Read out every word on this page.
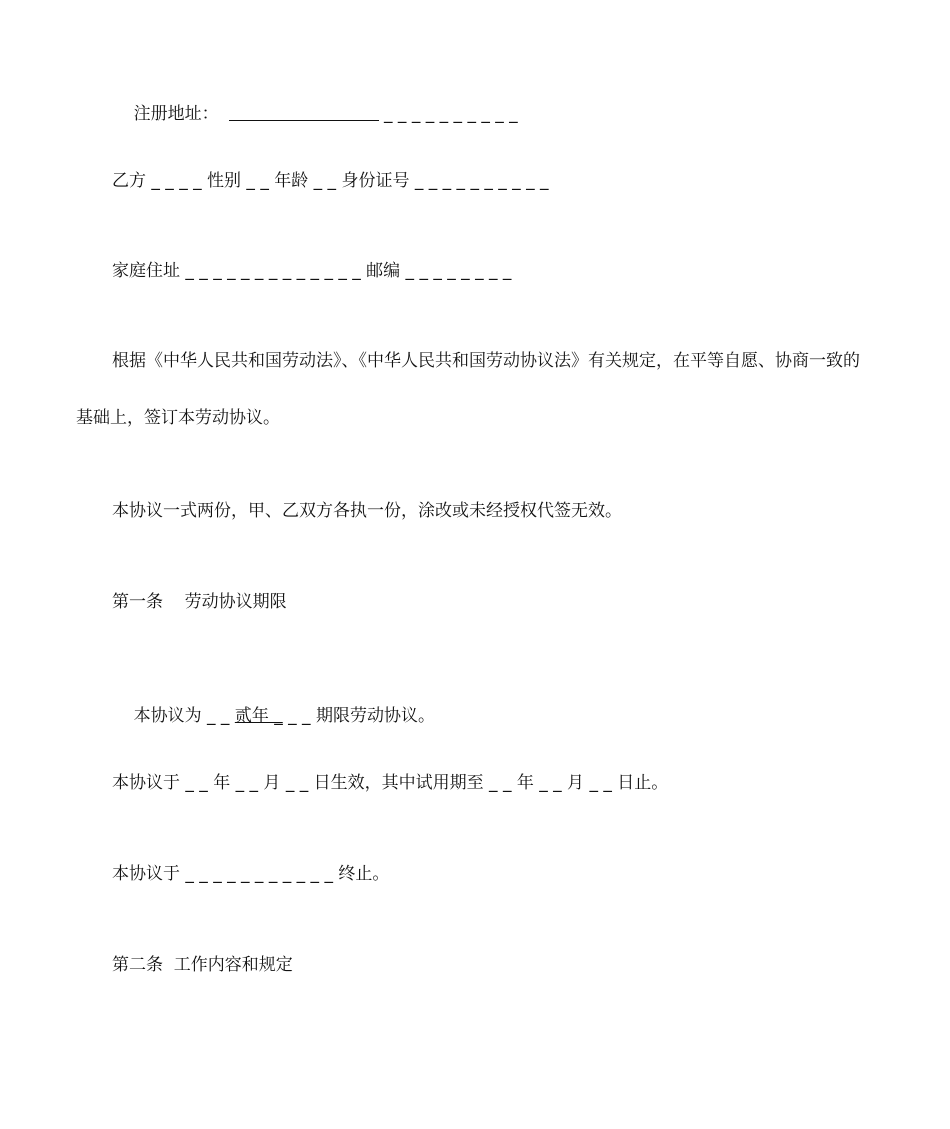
注册地址：	_ _ _ _ _ _ _ _ _ _

乙方 _ _ _ _ 性别 _ _ 年龄 _ _ 身份证号 _ _ _ _ _ _ _ _ _ _
家庭住址 _ _ _ _ _ _ _ _ _ _ _ _ _ 邮编 _ _ _ _ _ _ _ _
根据《中华人民共和国劳动法》、《中华人民共和国劳动协议法》有关规定，在平等自愿、协商一致的基础上，签订本劳动协议。
本协议一式两份，甲、乙双方各执一份，涂改或未经授权代签无效。
第一条    劳动协议期限

本协议为 _ _ 贰年 _ _ _ 期限劳动协议。

本协议于 _ _ 年 _ _ 月 _ _ 日生效，其中试用期至 _ _ 年 _ _ 月 _ _ 日止。
本协议于 _ _ _ _ _ _ _ _ _ _ _ 终止。
第二条  工作内容和规定
